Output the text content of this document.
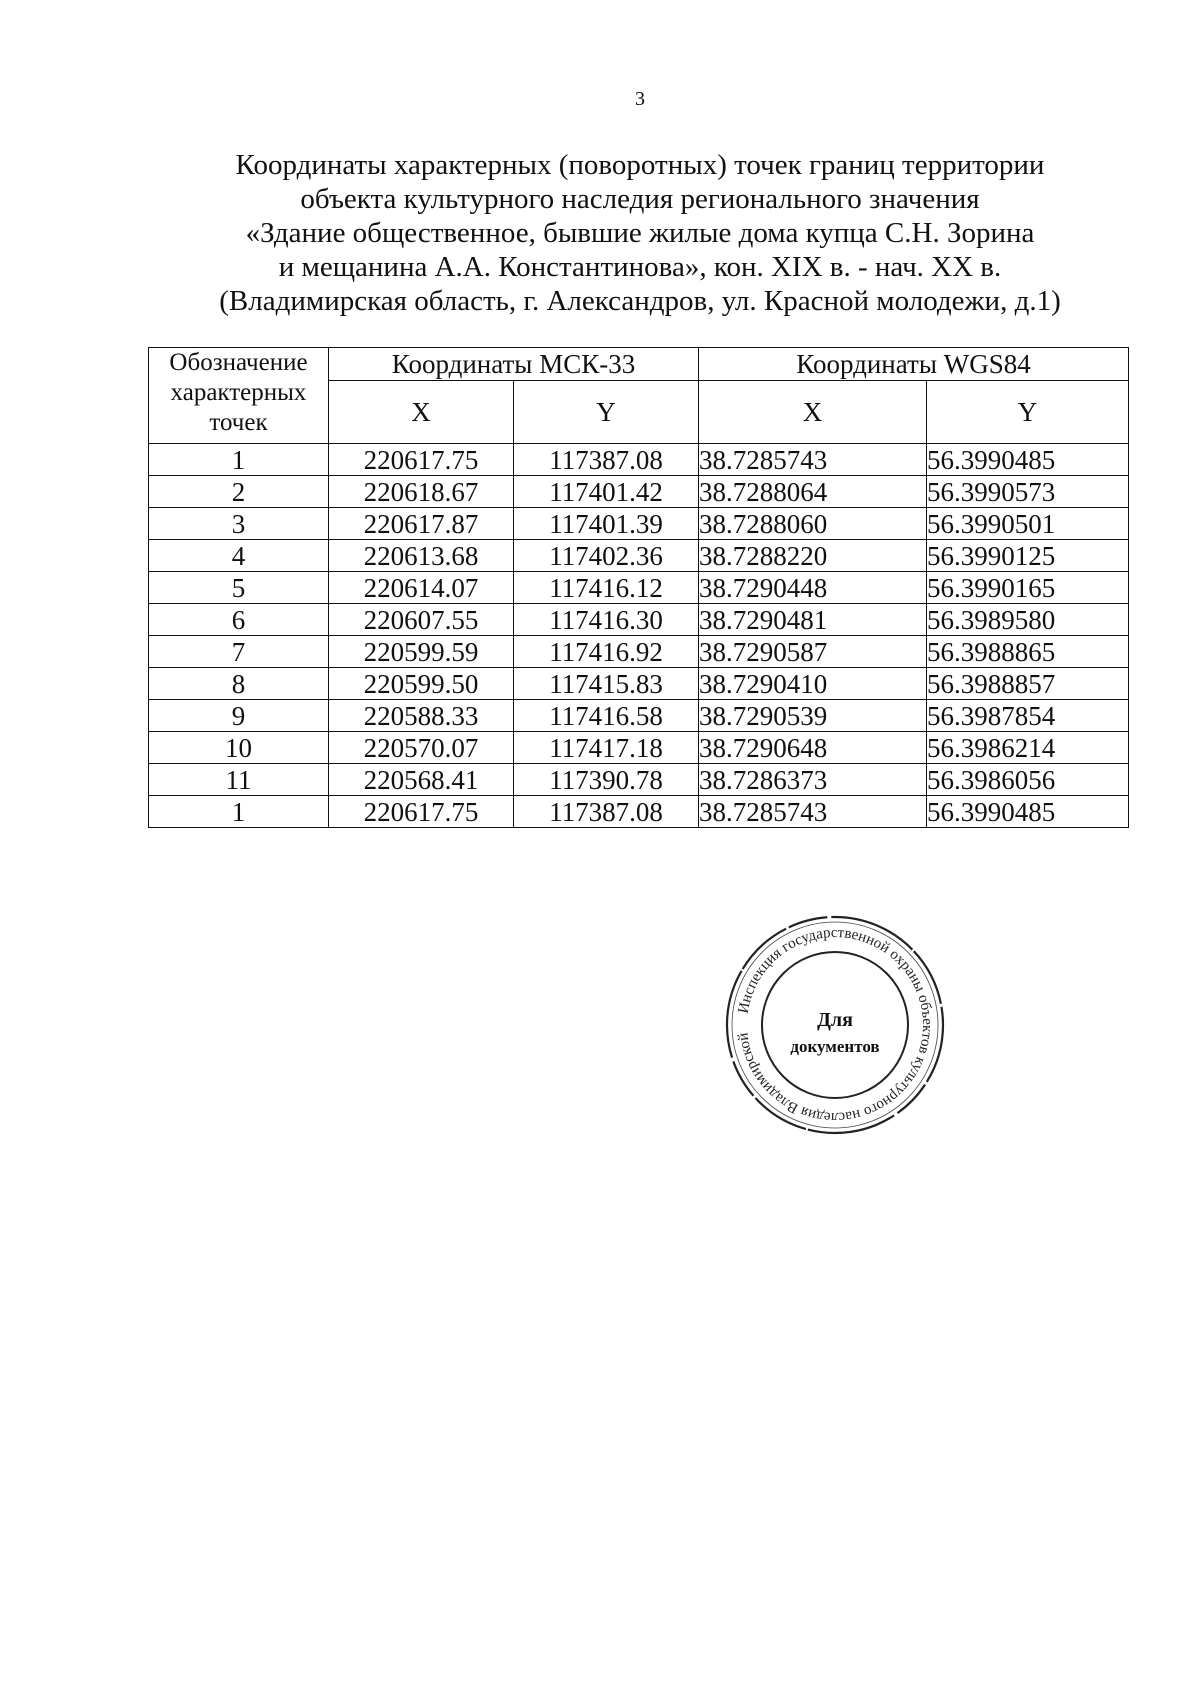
3
Координаты характерных (поворотных) точек границ территории
объекта культурного наследия регионального значения
«Здание общественное, бывшие жилые дома купца С.Н. Зорина
и мещанина А.А. Константинова», кон. XIX в. - нач. XX в.
(Владимирская область, г. Александров, ул. Красной молодежи, д.1)
Обозначение характерных точек	Координаты МСК-33		Координаты WGS84	
	X	Y	X	Y
1	220617.75	117387.08	38.7285743	56.3990485
2	220618.67	117401.42	38.7288064	56.3990573
3	220617.87	117401.39	38.7288060	56.3990501
4	220613.68	117402.36	38.7288220	56.3990125
5	220614.07	117416.12	38.7290448	56.3990165
6	220607.55	117416.30	38.7290481	56.3989580
7	220599.59	117416.92	38.7290587	56.3988865
8	220599.50	117415.83	38.7290410	56.3988857
9	220588.33	117416.58	38.7290539	56.3987854
10	220570.07	117417.18	38.7290648	56.3986214
11	220568.41	117390.78	38.7286373	56.3986056
1	220617.75	117387.08	38.7285743	56.3990485
Инспекция государственной охраны объектов культурного наследия Владимирской
Для
документов
